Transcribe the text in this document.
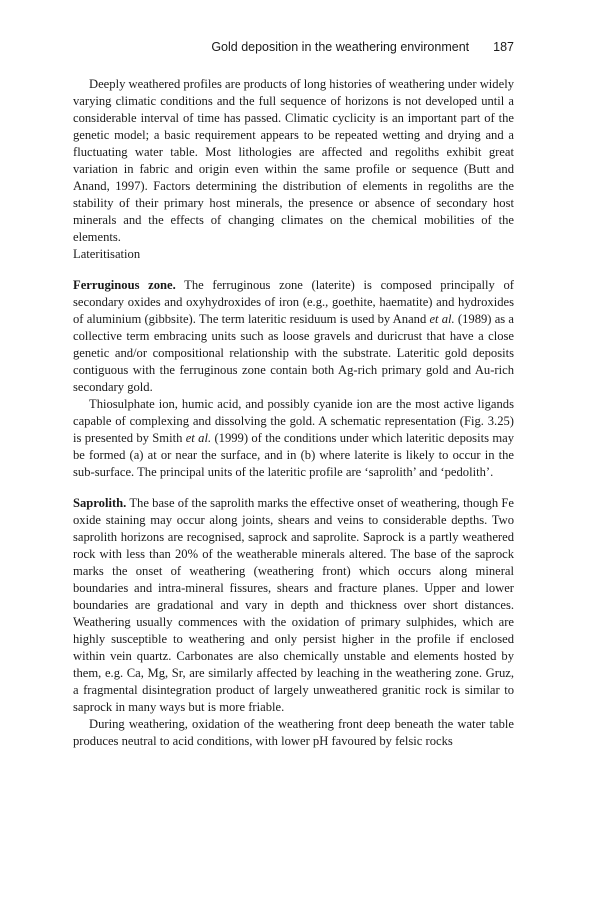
Gold deposition in the weathering environment 187

Deeply weathered profiles are products of long histories of weathering under widely varying climatic conditions and the full sequence of horizons is not developed until a considerable interval of time has passed. Climatic cyclicity is an important part of the genetic model; a basic requirement appears to be repeated wetting and drying and a fluctuating water table. Most lithologies are affected and regoliths exhibit great variation in fabric and origin even within the same profile or sequence (Butt and Anand, 1997). Factors determining the distribution of elements in regoliths are the stability of their primary host minerals, the presence or absence of secondary host minerals and the effects of changing climates on the chemical mobilities of the elements.

Lateritisation

Ferruginous zone. The ferruginous zone (laterite) is composed principally of secondary oxides and oxyhydroxides of iron (e.g., goethite, haematite) and hydroxides of aluminium (gibbsite). The term lateritic residuum is used by Anand et al. (1989) as a collective term embracing units such as loose gravels and duricrust that have a close genetic and/or compositional relationship with the substrate. Lateritic gold deposits contiguous with the ferruginous zone contain both Ag-rich primary gold and Au-rich secondary gold.

Thiosulphate ion, humic acid, and possibly cyanide ion are the most active ligands capable of complexing and dissolving the gold. A schematic representation (Fig. 3.25) is presented by Smith et al. (1999) of the conditions under which lateritic deposits may be formed (a) at or near the surface, and in (b) where laterite is likely to occur in the sub-surface. The principal units of the lateritic profile are ‘saprolith’ and ‘pedolith’.

Saprolith. The base of the saprolith marks the effective onset of weathering, though Fe oxide staining may occur along joints, shears and veins to considerable depths. Two saprolith horizons are recognised, saprock and saprolite. Saprock is a partly weathered rock with less than 20% of the weatherable minerals altered. The base of the saprock marks the onset of weathering (weathering front) which occurs along mineral boundaries and intra-mineral fissures, shears and fracture planes. Upper and lower boundaries are gradational and vary in depth and thickness over short distances. Weathering usually commences with the oxidation of primary sulphides, which are highly susceptible to weathering and only persist higher in the profile if enclosed within vein quartz. Carbonates are also chemically unstable and elements hosted by them, e.g. Ca, Mg, Sr, are similarly affected by leaching in the weathering zone. Gruz, a fragmental disintegration product of largely unweathered granitic rock is similar to saprock in many ways but is more friable.

During weathering, oxidation of the weathering front deep beneath the water table produces neutral to acid conditions, with lower pH favoured by felsic rocks
